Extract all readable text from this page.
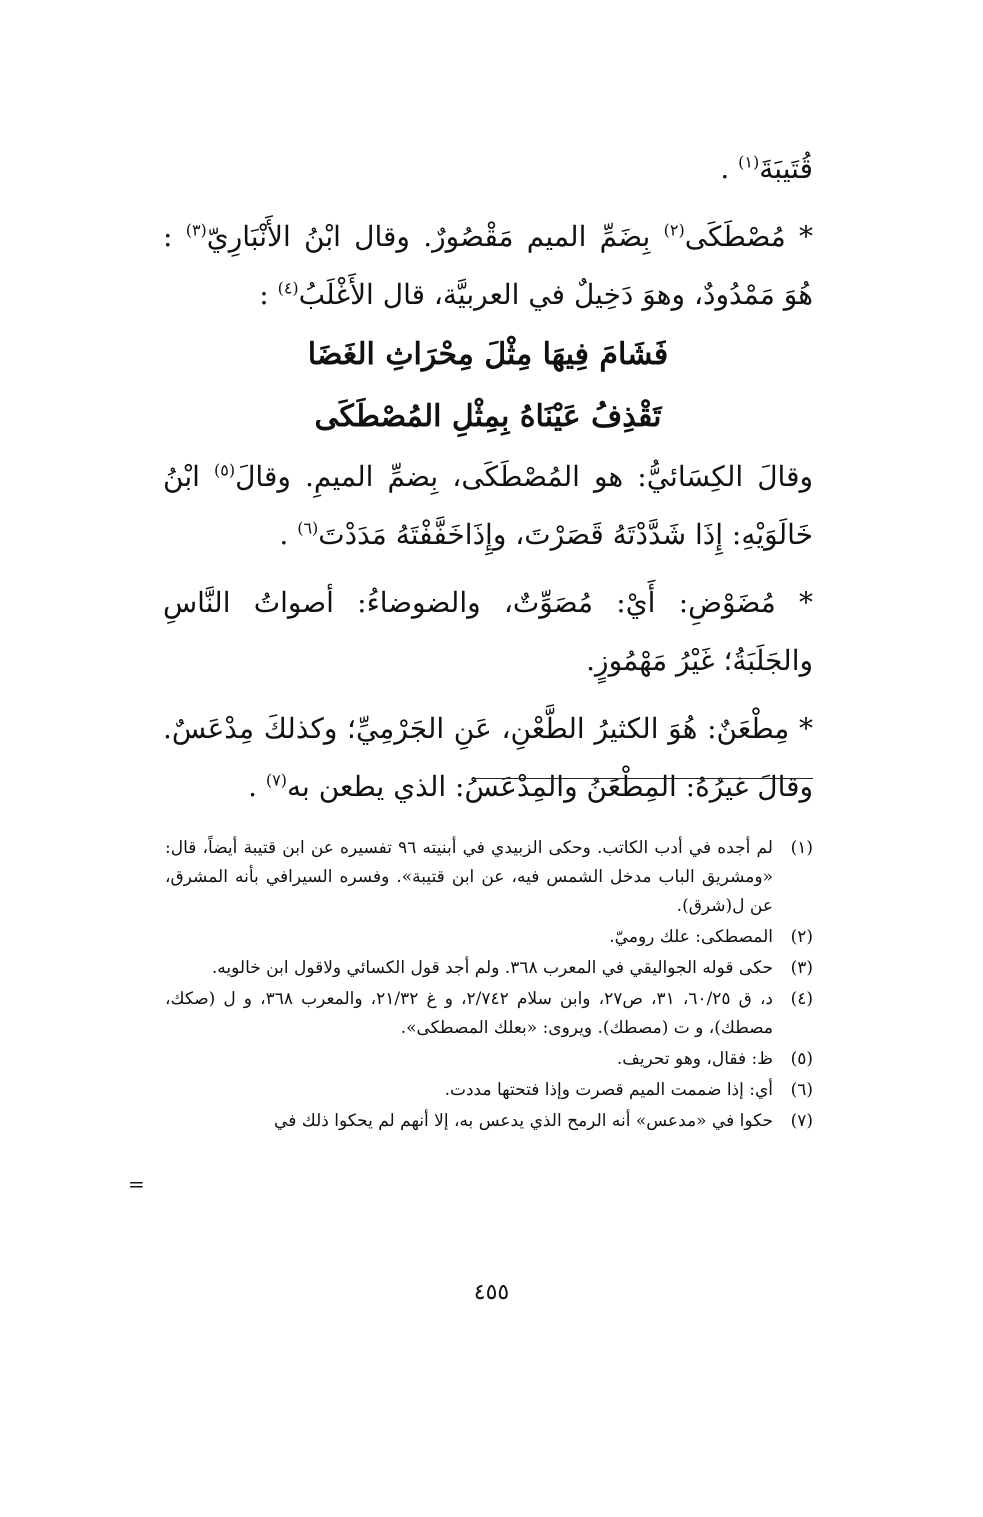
قُتَيبَةَ$^{(١)}$ .

* مُصْطَكَى$^{(٢)}$ بِضَمِّ الميم مَقْصُورٌ. وقال ابْنُ الأَنْبَارِيّ$^{(٣)}$ : هُوَ مَمْدُودٌ، وهوَ دَخِيلٌ في العربيَّة، قال الأَغْلَبُ$^{(٤)}$ :

فَشَامَ فِيهَا مِثْلَ مِحْرَاثِ الغَضَا

تَقْذِفُ عَيْنَاهُ بِمِثْلِ المُصْطَكَى

وقالَ الكِسَائيُّ: هو المُصْطَكَى، بِضمِّ الميمِ. وقالَ$^{(٥)}$ ابْنُ خَالَوَيْهِ: إِذَا شَدَّدْتَهُ قَصَرْتَ، وإِذَاخَفَّفْتَهُ مَدَدْتَ$^{(٦)}$ .

* مُضَوْضِ: أَيْ: مُصَوِّتٌ، والضوضاءُ: أصواتُ النَّاسِ والجَلَبَةُ؛ غَيْرُ مَهْمُوزٍ.

* مِطْعَنٌ: هُوَ الكثيرُ الطَّعْنِ، عَنِ الجَرْمِيِّ؛ وكذلكَ مِدْعَسٌ. وقالَ غيرُهُ: المِطْعَنُ والمِدْعَسُ: الذي يطعن به$^{(٧)}$ .

(١)
لم أجده في أدب الكاتب. وحكى الزبيدي في أبنيته ٩٦ تفسيره عن ابن قتيبة أيضاً، قال: «ومشريق الباب مدخل الشمس فيه، عن ابن قتيبة». وفسره السيرافي بأنه المشرق، عن ل(شرق).
(٢)
المصطكى: علك روميّ.
(٣)
حكى قوله الجواليقي في المعرب ٣٦٨. ولم أجد قول الكسائي ولاقول ابن خالويه.
(٤)
د، ق ٦٠/٢٥، ٣١، ص٢٧، وابن سلام ٢/٧٤٢، و غ ٢١/٣٢، والمعرب ٣٦٨، و ل (صكك، مصطك)، و ت (مصطك). ويروى: «بعلك المصطكى».
(٥)
ظ: فقال، وهو تحريف.
(٦)
أي: إذا ضممت الميم قصرت وإذا فتحتها مددت.
(٧)
حكوا في «مدعس» أنه الرمح الذي يدعس به، إلا أنهم لم يحكوا ذلك في
=
٤٥٥
